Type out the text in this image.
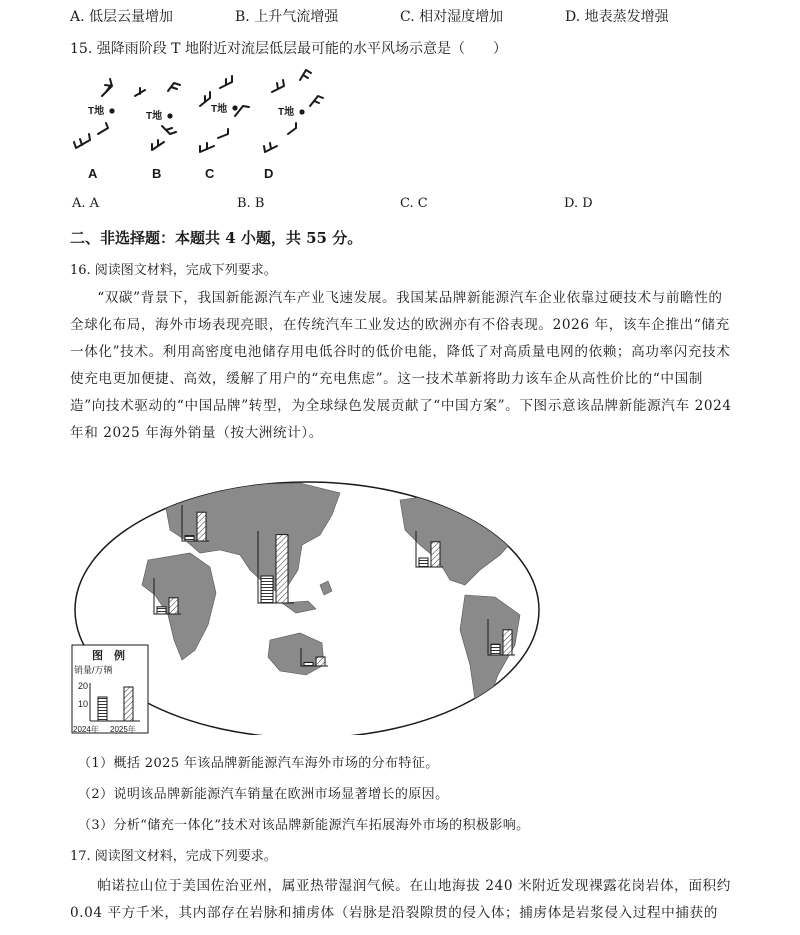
A. 低层云量增加	B. 上升气流增强	C. 相对湿度增加	D. 地表蒸发增强
15. 强降雨阶段 T 地附近对流层低层最可能的水平风场示意是（　　）
T地	T地
T地	T地
A	B	C	D
A. A	B. B	C. C	D. D
二、非选择题：本题共 4 小题，共 55 分。
16. 阅读图文材料，完成下列要求。
“双碳”背景下，我国新能源汽车产业飞速发展。我国某品牌新能源汽车企业依靠过硬技术与前瞻性的全球化布局，海外市场表现亮眼，在传统汽车工业发达的欧洲亦有不俗表现。2026 年，该车企推出“储充一体化”技术。利用高密度电池储存用电低谷时的低价电能，降低了对高质量电网的依赖；高功率闪充技术使充电更加便捷、高效，缓解了用户的“充电焦虑”。这一技术革新将助力该车企从高性价比的“中国制造”向技术驱动的“中国品牌”转型，为全球绿色发展贡献了“中国方案”。下图示意该品牌新能源汽车 2024 年和 2025 年海外销量（按大洲统计）。
图　例
销量/万辆
20
10
2024年 2025年
（1）概括 2025 年该品牌新能源汽车海外市场的分布特征。
（2）说明该品牌新能源汽车销量在欧洲市场显著增长的原因。
（3）分析“储充一体化”技术对该品牌新能源汽车拓展海外市场的积极影响。
17. 阅读图文材料，完成下列要求。
帕诺拉山位于美国佐治亚州，属亚热带湿润气候。在山地海拔 240 米附近发现裸露花岗岩体，面积约 0.04 平方千米，其内部存在岩脉和捕虏体（岩脉是沿裂隙贯的侵入体；捕虏体是岩浆侵入过程中捕获的
